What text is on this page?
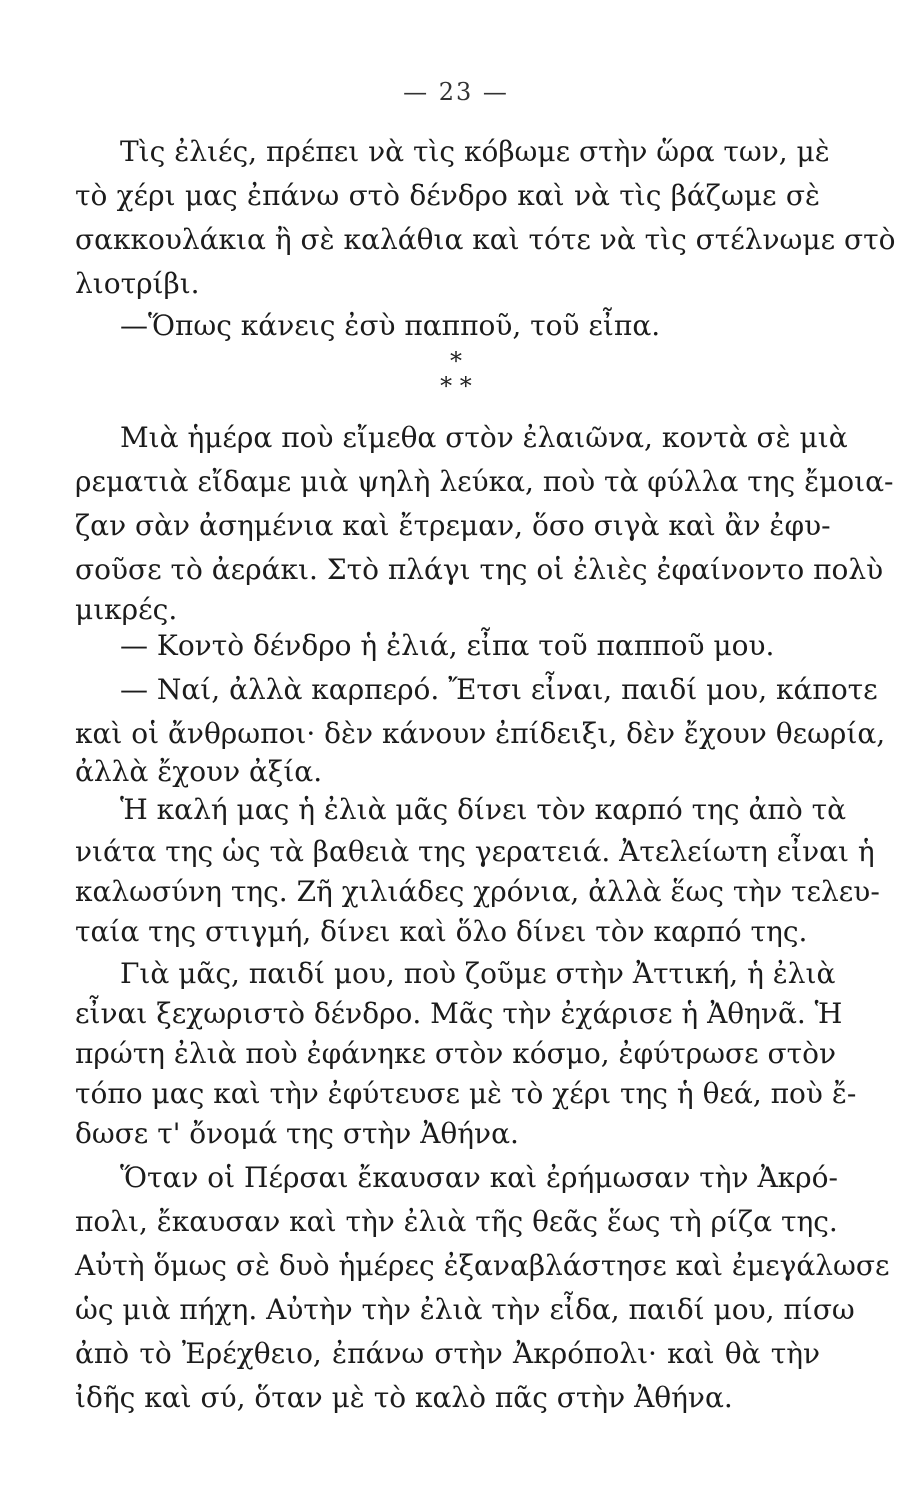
— 23 —
Τὶς ἐλιές, πρέπει νὰ τὶς κόβωμε στὴν ὥρα των, μὲ
τὸ χέρι μας ἐπάνω στὸ δένδρο καὶ νὰ τὶς βάζωμε σὲ
σακκουλάκια ἢ σὲ καλάθια καὶ τότε νὰ τὶς στέλνωμε στὸ
λιοτρίβι.
—Ὅπως κάνεις ἐσὺ παπποῦ, τοῦ εἶπα.
*
* *
Μιὰ ἡμέρα ποὺ εἴμεθα στὸν ἐλαιῶνα, κοντὰ σὲ μιὰ
ρεματιὰ εἴδαμε μιὰ ψηλὴ λεύκα, ποὺ τὰ φύλλα της ἔμοια-
ζαν σὰν ἀσημένια καὶ ἔτρεμαν, ὅσο σιγὰ καὶ ἂν ἐφυ-
σοῦσε τὸ ἀεράκι. Στὸ πλάγι της οἱ ἐλιὲς ἐφαίνοντο πολὺ
μικρές.
— Κοντὸ δένδρο ἡ ἐλιά, εἶπα τοῦ παπποῦ μου.
— Ναί, ἀλλὰ καρπερό. Ἔτσι εἶναι, παιδί μου, κάποτε
καὶ οἱ ἄνθρωποι· δὲν κάνουν ἐπίδειξι, δὲν ἔχουν θεωρία,
ἀλλὰ ἔχουν ἀξία.
Ἡ καλή μας ἡ ἐλιὰ μᾶς δίνει τὸν καρπό της ἀπὸ τὰ
νιάτα της ὡς τὰ βαθειὰ της γερατειά. Ἀτελείωτη εἶναι ἡ
καλωσύνη της. Ζῆ χιλιάδες χρόνια, ἀλλὰ ἕως τὴν τελευ-
ταία της στιγμή, δίνει καὶ ὅλο δίνει τὸν καρπό της.
Γιὰ μᾶς, παιδί μου, ποὺ ζοῦμε στὴν Ἀττική, ἡ ἐλιὰ
εἶναι ξεχωριστὸ δένδρο. Μᾶς τὴν ἐχάρισε ἡ Ἀθηνᾶ. Ἡ
πρώτη ἐλιὰ ποὺ ἐφάνηκε στὸν κόσμο, ἐφύτρωσε στὸν
τόπο μας καὶ τὴν ἐφύτευσε μὲ τὸ χέρι της ἡ θεά, ποὺ ἔ-
δωσε τ' ὄνομά της στὴν Ἀθήνα.
Ὅταν οἱ Πέρσαι ἔκαυσαν καὶ ἐρήμωσαν τὴν Ἀκρό-
πολι, ἔκαυσαν καὶ τὴν ἐλιὰ τῆς θεᾶς ἕως τὴ ρίζα της.
Αὐτὴ ὅμως σὲ δυὸ ἡμέρες ἐξαναβλάστησε καὶ ἐμεγάλωσε
ὡς μιὰ πήχη. Αὐτὴν τὴν ἐλιὰ τὴν εἶδα, παιδί μου, πίσω
ἀπὸ τὸ Ἐρέχθειο, ἐπάνω στὴν Ἀκρόπολι· καὶ θὰ τὴν
ἰδῆς καὶ σύ, ὅταν μὲ τὸ καλὸ πᾶς στὴν Ἀθήνα.
